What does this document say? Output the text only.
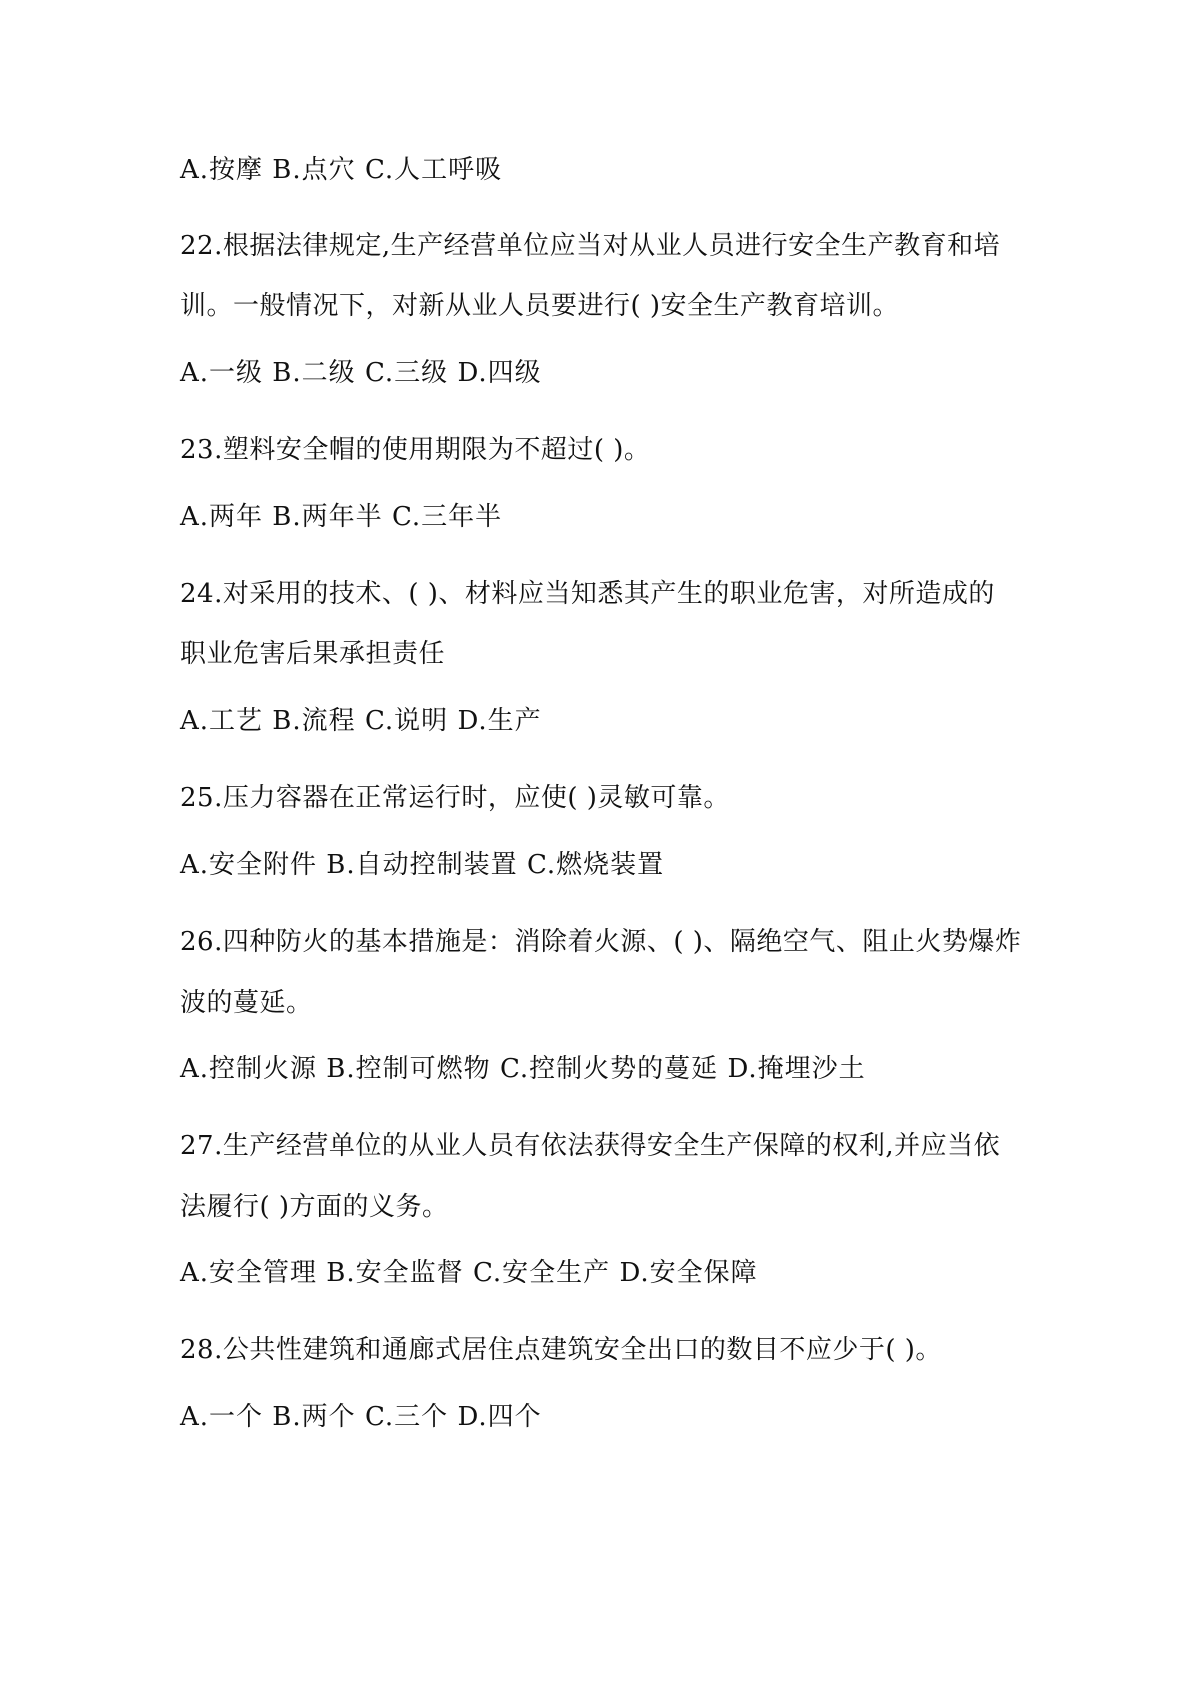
A.按摩 B.点穴 C.人工呼吸
22.根据法律规定,生产经营单位应当对从业人员进行安全生产教育和培
训。一般情况下，对新从业人员要进行( )安全生产教育培训。
A.一级 B.二级 C.三级 D.四级
23.塑料安全帽的使用期限为不超过( )。
A.两年 B.两年半 C.三年半
24.对采用的技术、( )、材料应当知悉其产生的职业危害，对所造成的
职业危害后果承担责任
A.工艺 B.流程 C.说明 D.生产
25.压力容器在正常运行时，应使( )灵敏可靠。
A.安全附件 B.自动控制装置 C.燃烧装置
26.四种防火的基本措施是：消除着火源、( )、隔绝空气、阻止火势爆炸
波的蔓延。
A.控制火源 B.控制可燃物 C.控制火势的蔓延 D.掩埋沙土
27.生产经营单位的从业人员有依法获得安全生产保障的权利,并应当依
法履行( )方面的义务。
A.安全管理 B.安全监督 C.安全生产 D.安全保障
28.公共性建筑和通廊式居住点建筑安全出口的数目不应少于( )。
A.一个 B.两个 C.三个 D.四个
